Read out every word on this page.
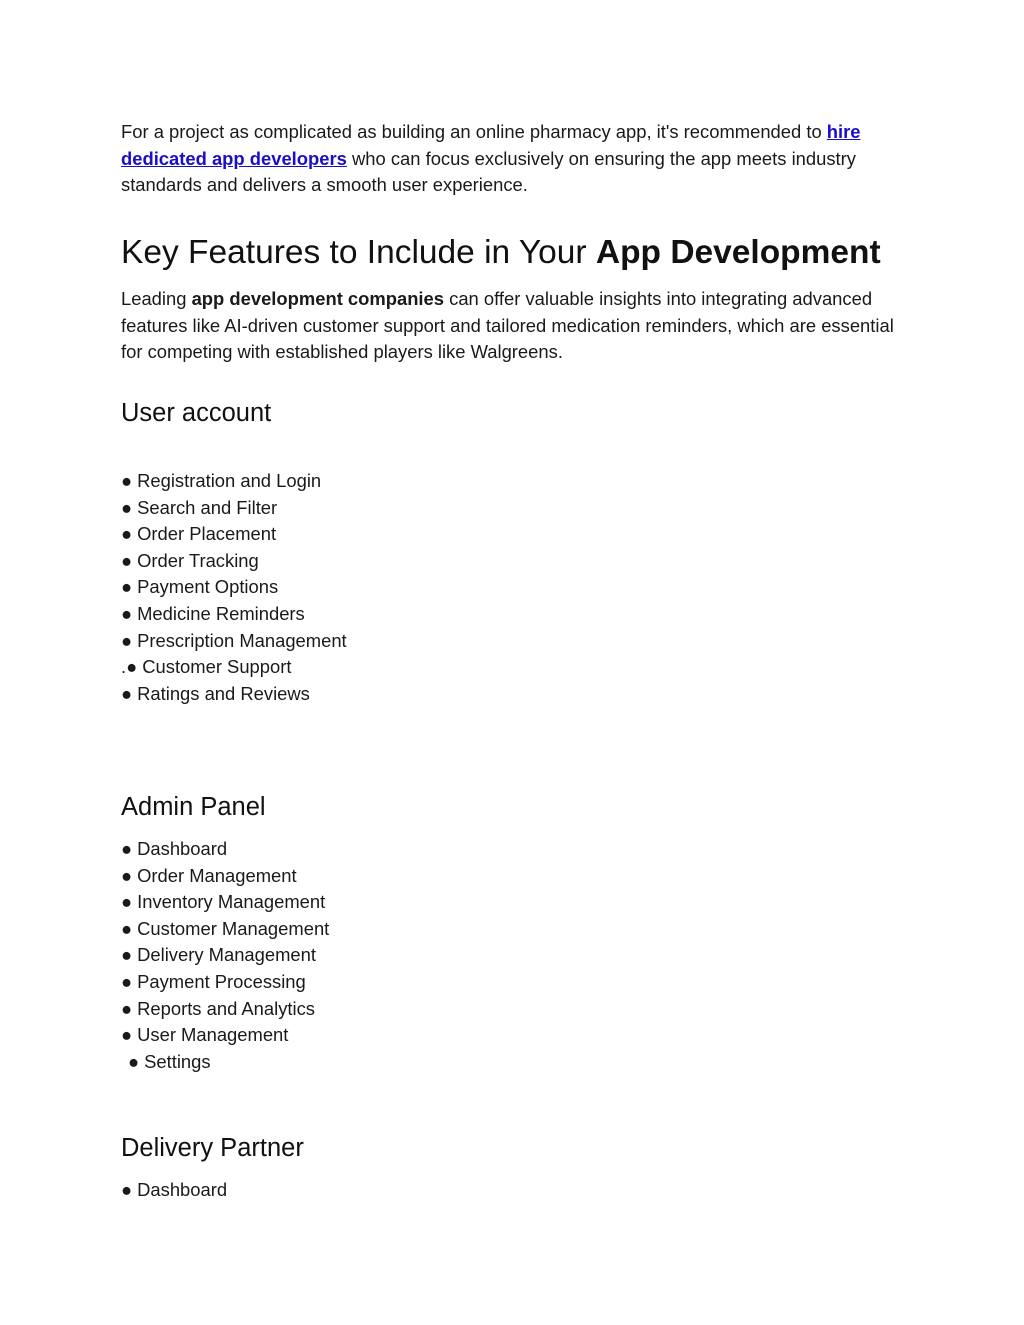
For a project as complicated as building an online pharmacy app, it's recommended to hire dedicated app developers who can focus exclusively on ensuring the app meets industry standards and delivers a smooth user experience.

Key Features to Include in Your App Development

Leading app development companies can offer valuable insights into integrating advanced features like AI-driven customer support and tailored medication reminders, which are essential for competing with established players like Walgreens.

User account
● Registration and Login
● Search and Filter
● Order Placement
● Order Tracking
● Payment Options
● Medicine Reminders
● Prescription Management
.● Customer Support
● Ratings and Reviews
Admin Panel
● Dashboard
● Order Management
● Inventory Management
● Customer Management
● Delivery Management
● Payment Processing
● Reports and Analytics
● User Management
● Settings
Delivery Partner
● Dashboard
